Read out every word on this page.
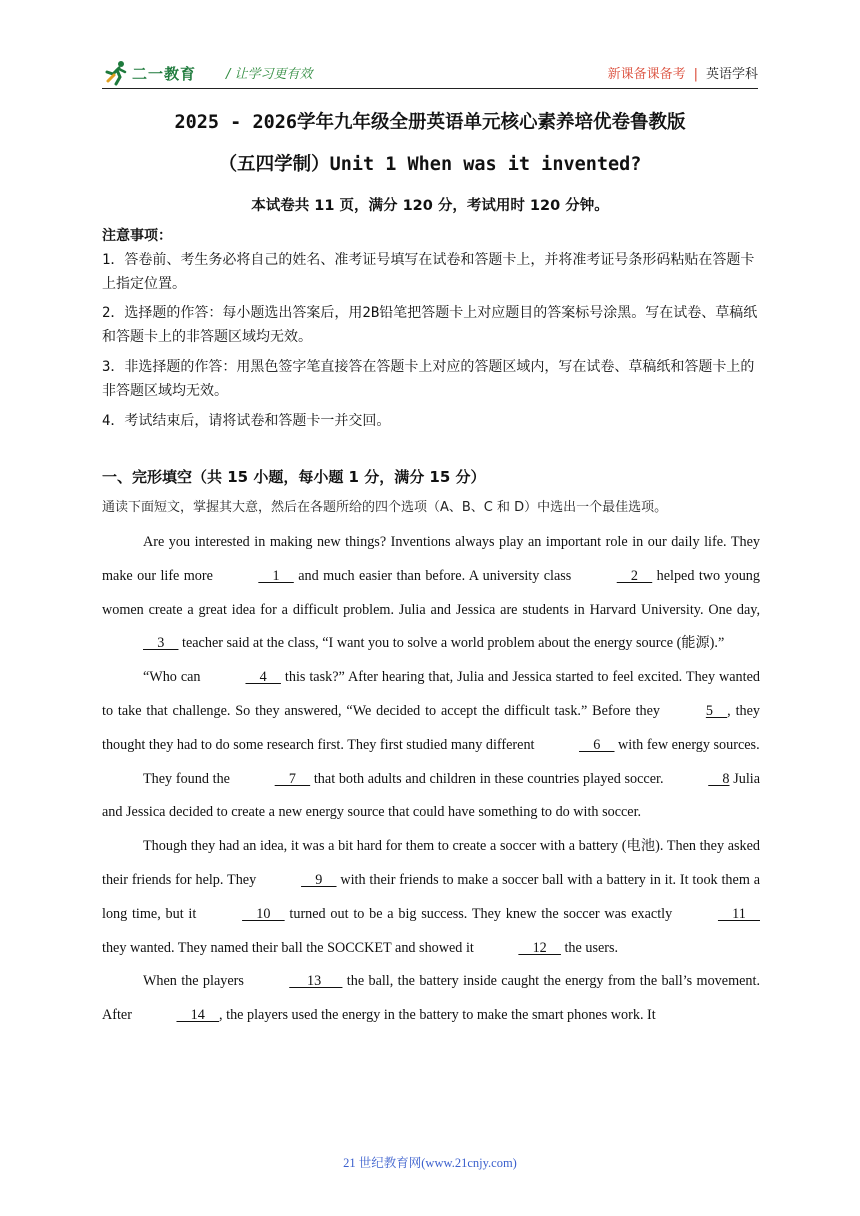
二一教育 / 让学习更有效	新课备课备考 | 英语学科
2025 - 2026学年九年级全册英语单元核心素养培优卷鲁教版
（五四学制）Unit 1 When was it invented?
本试卷共 11 页，满分 120 分，考试用时 120 分钟。
注意事项：

1．答卷前、考生务必将自己的姓名、准考证号填写在试卷和答题卡上，并将准考证号条形码粘贴在答题卡上指定位置。

2．选择题的作答：每小题选出答案后，用2B铅笔把答题卡上对应题目的答案标号涂黑。写在试卷、草稿纸和答题卡上的非答题区域均无效。

3．非选择题的作答：用黑色签字笔直接答在答题卡上对应的答题区域内，写在试卷、草稿纸和答题卡上的非答题区域均无效。

4．考试结束后，请将试卷和答题卡一并交回。

一、完形填空（共 15 小题，每小题 1 分，满分 15 分）
通读下面短文，掌握其大意，然后在各题所给的四个选项（A、B、C 和 D）中选出一个最佳选项。

Are you interested in making new things? Inventions always play an important role in our daily life. They make our life more	1     and much easier than before. A university class	2     helped two young women create a great idea for a difficult problem. Julia and Jessica are students in Harvard University. One day,     3     teacher said at the class, “I want you to solve a world problem about the energy source (能源).”

“Who can	4     this task?” After hearing that, Julia and Jessica started to feel excited. They wanted to take that challenge. So they answered, “We decided to accept the difficult task.” Before they	5    , they thought they had to do some research first. They first studied many different	6     with few energy sources.

They found the	7     that both adults and children in these countries played soccer.	8 Julia and Jessica decided to create a new energy source that could have something to do with soccer.

Though they had an idea, it was a bit hard for them to create a soccer with a battery (电池). Then they asked their friends for help. They	9     with their friends to make a soccer ball with a battery in it. It took them a long time, but it	10     turned out to be a big success. They knew the soccer was exactly	11     they wanted. They named their ball the SOCCKET and showed it	12     the users.

When the players	13       the ball, the battery inside caught the energy from the ball’s movement. After	14    , the players used the energy in the battery to make the smart phones work. It

21 世纪教育网(www.21cnjy.com)
